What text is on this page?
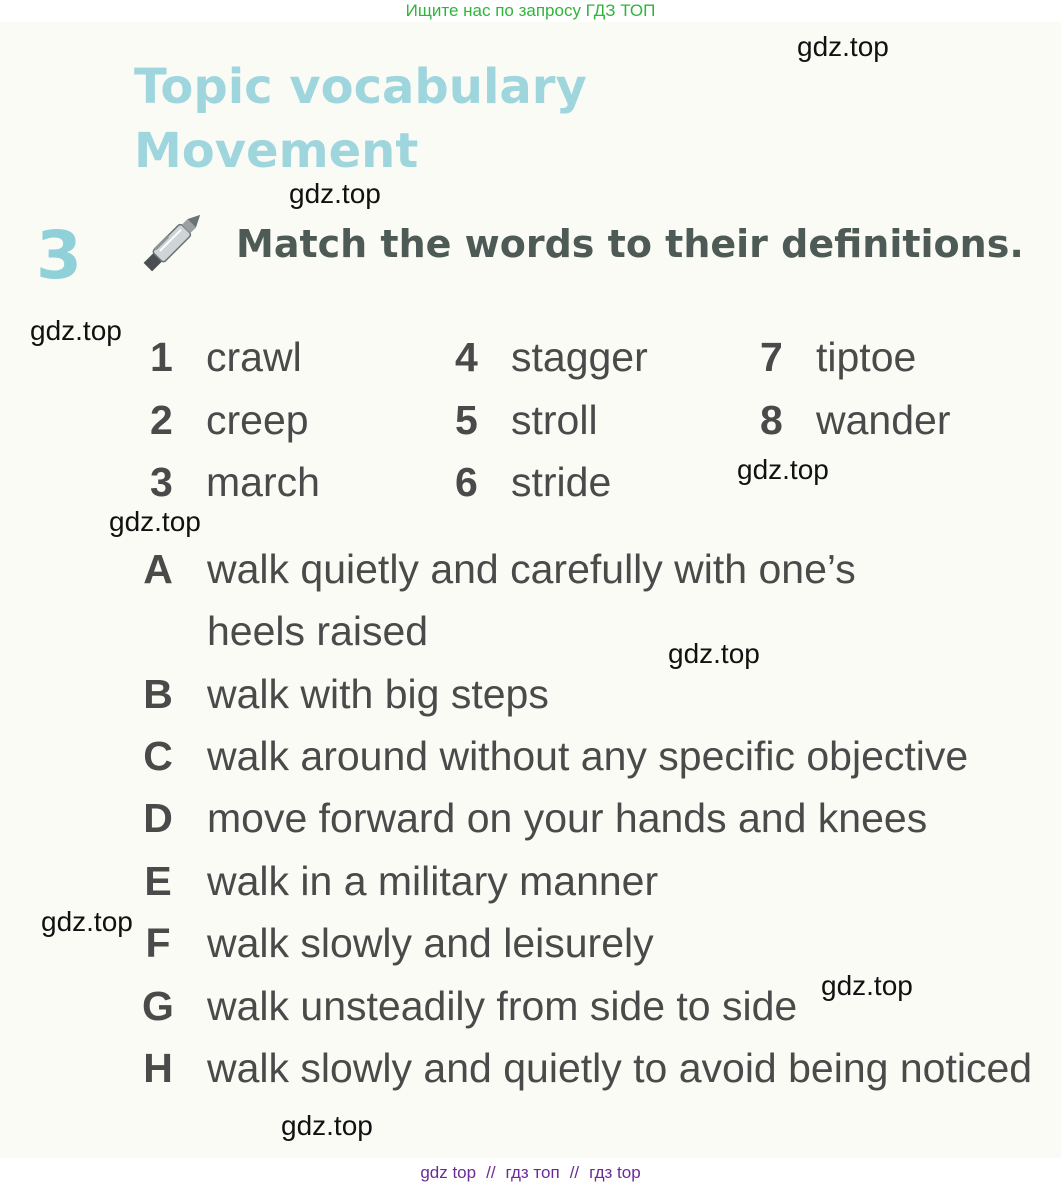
Ищите нас по запросу ГДЗ ТОП
Topic vocabulary
Movement
3	Match the words to their definitions.
1 crawl
2 creep
3 march
4 stagger
5 stroll
6 stride
7 tiptoe
8 wander
A walk quietly and carefully with one’s
heels raised
B walk with big steps
C walk around without any specific objective
D move forward on your hands and knees
E walk in a military manner
F walk slowly and leisurely
G walk unsteadily from side to side
H walk slowly and quietly to avoid being noticed
gdz.top
gdz.top
gdz.top
gdz.top
gdz.top
gdz.top
gdz.top
gdz.top
gdz.top
gdz top // гдз топ // гдз top
